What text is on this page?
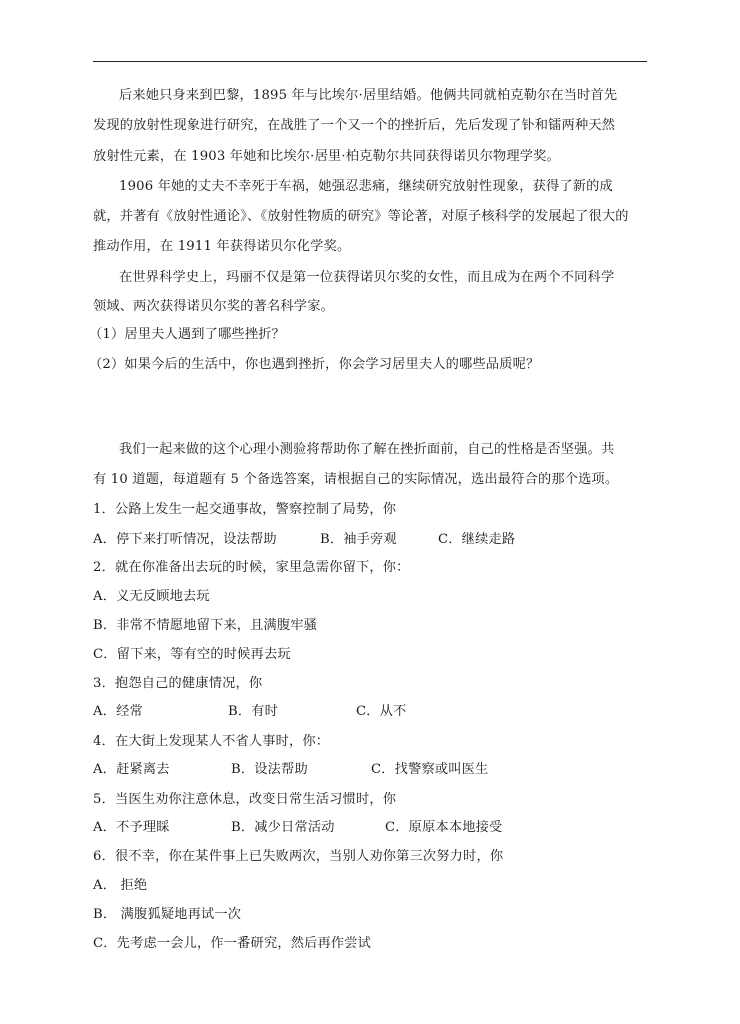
后来她只身来到巴黎，1895 年与比埃尔·居里结婚。他俩共同就柏克勒尔在当时首先
发现的放射性现象进行研究，在战胜了一个又一个的挫折后，先后发现了钋和镭两种天然
放射性元素，在 1903 年她和比埃尔·居里·柏克勒尔共同获得诺贝尔物理学奖。
1906 年她的丈夫不幸死于车祸，她强忍悲痛，继续研究放射性现象，获得了新的成
就，并著有《放射性通论》、《放射性物质的研究》等论著，对原子核科学的发展起了很大的
推动作用，在 1911 年获得诺贝尔化学奖。
在世界科学史上，玛丽不仅是第一位获得诺贝尔奖的女性，而且成为在两个不同科学
领域、两次获得诺贝尔奖的著名科学家。
（1）居里夫人遇到了哪些挫折？
（2）如果今后的生活中，你也遇到挫折，你会学习居里夫人的哪些品质呢？
我们一起来做的这个心理小测验将帮助你了解在挫折面前，自己的性格是否坚强。共
有 10 道题，每道题有 5 个备选答案，请根据自己的实际情况，选出最符合的那个选项。
1．公路上发生一起交通事故，警察控制了局势，你
A．停下来打听情况，设法帮助	B．袖手旁观	C．继续走路
2．就在你准备出去玩的时候，家里急需你留下，你：
A．义无反顾地去玩
B．非常不情愿地留下来，且满腹牢骚
C．留下来，等有空的时候再去玩
3．抱怨自己的健康情况，你
A．经常	B．有时	C．从不
4．在大街上发现某人不省人事时，你：
A．赶紧离去	B．设法帮助	C．找警察或叫医生
5．当医生劝你注意休息，改变日常生活习惯时，你
A．不予理睬	B．减少日常活动	C．原原本本地接受
6．很不幸，你在某件事上已失败两次，当别人劝你第三次努力时，你
A． 拒绝
B． 满腹狐疑地再试一次
C．先考虑一会儿，作一番研究，然后再作尝试
